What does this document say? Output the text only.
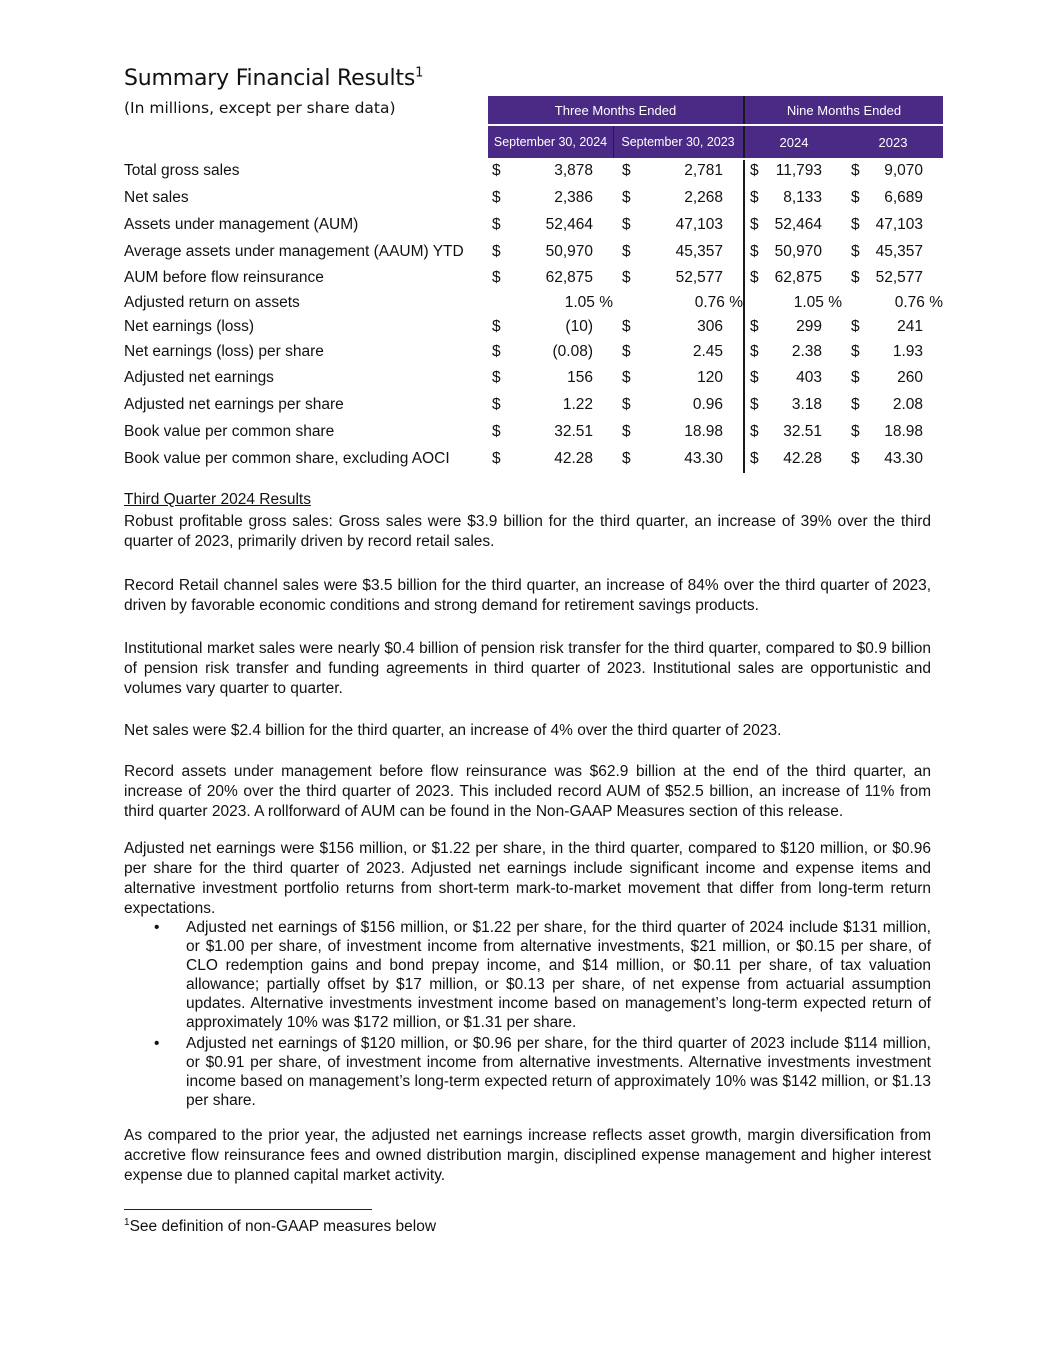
Summary Financial Results$^1$
(In millions, except per share data)	Three Months Ended	Nine Months Ended
September 30, 2024	September 30, 2023	2024	2023
Total gross sales	$	3,878 $	2,781 $	11,793 $	9,070
Net sales	$	2,386 $	2,268 $	8,133 $	6,689
Assets under management (AUM)	$	52,464 $	47,103 $	52,464 $	47,103
Average assets under management (AAUM) YTD $	50,970 $	45,357 $	50,970 $	45,357
AUM before flow reinsurance	$	62,875 $	52,577 $	62,875 $	52,577
Adjusted return on assets	1.05 %	0.76 %	1.05 %	0.76 %
Net earnings (loss)	$	(10) $	306 $	299 $	241
Net earnings (loss) per share	$	(0.08) $	2.45 $	2.38 $	1.93
Adjusted net earnings	$	156 $	120 $	403 $	260
Adjusted net earnings per share	$	1.22 $	0.96 $	3.18 $	2.08
Book value per common share	$	32.51 $	18.98 $	32.51 $	18.98
Book value per common share, excluding AOCI	$	42.28 $	43.30 $	42.28 $	43.30
Third Quarter 2024 Results
Robust profitable gross sales: Gross sales were $3.9 billion for the third quarter, an increase of 39% over the third quarter of 2023, primarily driven by record retail sales.
Record Retail channel sales were $3.5 billion for the third quarter, an increase of 84% over the third quarter of 2023, driven by favorable economic conditions and strong demand for retirement savings products.
Institutional market sales were nearly $0.4 billion of pension risk transfer for the third quarter, compared to $0.9 billion of pension risk transfer and funding agreements in third quarter of 2023. Institutional sales are opportunistic and volumes vary quarter to quarter.
Net sales were $2.4 billion for the third quarter, an increase of 4% over the third quarter of 2023.
Record assets under management before flow reinsurance was $62.9 billion at the end of the third quarter, an increase of 20% over the third quarter of 2023. This included record AUM of $52.5 billion, an increase of 11% from third quarter 2023. A rollforward of AUM can be found in the Non-GAAP Measures section of this release.
Adjusted net earnings were $156 million, or $1.22 per share, in the third quarter, compared to $120 million, or $0.96 per share for the third quarter of 2023. Adjusted net earnings include significant income and expense items and alternative investment portfolio returns from short-term mark-to-market movement that differ from long-term return expectations.
• Adjusted net earnings of $156 million, or $1.22 per share, for the third quarter of 2024 include $131 million, or $1.00 per share, of investment income from alternative investments, $21 million, or $0.15 per share, of CLO redemption gains and bond prepay income, and $14 million, or $0.11 per share, of tax valuation allowance; partially offset by $17 million, or $0.13 per share, of net expense from actuarial assumption updates. Alternative investments investment income based on management’s long-term expected return of approximately 10% was $172 million, or $1.31 per share.
• Adjusted net earnings of $120 million, or $0.96 per share, for the third quarter of 2023 include $114 million, or $0.91 per share, of investment income from alternative investments. Alternative investments investment income based on management’s long-term expected return of approximately 10% was $142 million, or $1.13 per share.
As compared to the prior year, the adjusted net earnings increase reflects asset growth, margin diversification from accretive flow reinsurance fees and owned distribution margin, disciplined expense management and higher interest expense due to planned capital market activity.
$^1$See definition of non-GAAP measures below
